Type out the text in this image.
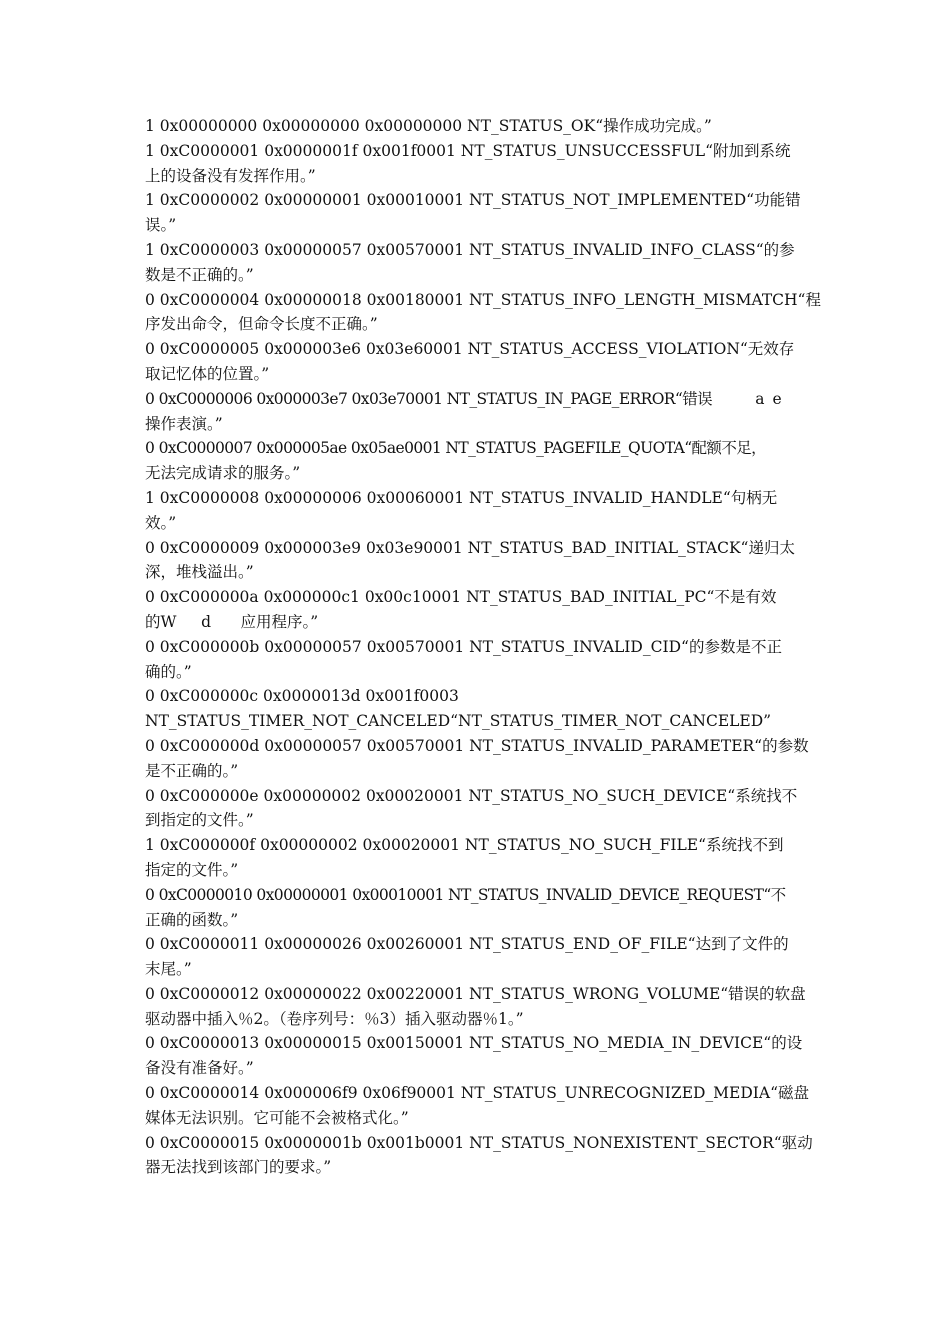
1 0x00000000 0x00000000 0x00000000 NT_STATUS_OK“操作成功完成。”
1 0xC0000001 0x0000001f 0x001f0001 NT_STATUS_UNSUCCESSFUL“附加到系统
上的设备没有发挥作用。”
1 0xC0000002 0x00000001 0x00010001 NT_STATUS_NOT_IMPLEMENTED“功能错
误。”
1 0xC0000003 0x00000057 0x00570001 NT_STATUS_INVALID_INFO_CLASS“的参
数是不正确的。”
0 0xC0000004 0x00000018 0x00180001 NT_STATUS_INFO_LENGTH_MISMATCH“程
序发出命令，但命令长度不正确。”
0 0xC0000005 0x000003e6 0x03e60001 NT_STATUS_ACCESS_VIOLATION“无效存
取记忆体的位置。”
0 0xC0000006 0x000003e7 0x03e70001 NT_STATUS_IN_PAGE_ERROR“错误          a  e
操作表演。”
0 0xC0000007 0x000005ae 0x05ae0001 NT_STATUS_PAGEFILE_QUOTA“配额不足，
无法完成请求的服务。”
1 0xC0000008 0x00000006 0x00060001 NT_STATUS_INVALID_HANDLE“句柄无
效。”
0 0xC0000009 0x000003e9 0x03e90001 NT_STATUS_BAD_INITIAL_STACK“递归太
深，堆栈溢出。”
0 0xC000000a 0x000000c1 0x00c10001 NT_STATUS_BAD_INITIAL_PC“不是有效
的W     d      应用程序。”
0 0xC000000b 0x00000057 0x00570001 NT_STATUS_INVALID_CID“的参数是不正
确的。”
0 0xC000000c 0x0000013d 0x001f0003
NT_STATUS_TIMER_NOT_CANCELED“NT_STATUS_TIMER_NOT_CANCELED”
0 0xC000000d 0x00000057 0x00570001 NT_STATUS_INVALID_PARAMETER“的参数
是不正确的。”
0 0xC000000e 0x00000002 0x00020001 NT_STATUS_NO_SUCH_DEVICE“系统找不
到指定的文件。”
1 0xC000000f 0x00000002 0x00020001 NT_STATUS_NO_SUCH_FILE“系统找不到
指定的文件。”
0 0xC0000010 0x00000001 0x00010001 NT_STATUS_INVALID_DEVICE_REQUEST“不
正确的函数。”
0 0xC0000011 0x00000026 0x00260001 NT_STATUS_END_OF_FILE“达到了文件的
末尾。”
0 0xC0000012 0x00000022 0x00220001 NT_STATUS_WRONG_VOLUME“错误的软盘
驱动器中插入％2。（卷序列号：％3）插入驱动器％1。”
0 0xC0000013 0x00000015 0x00150001 NT_STATUS_NO_MEDIA_IN_DEVICE“的设
备没有准备好。”
0 0xC0000014 0x000006f9 0x06f90001 NT_STATUS_UNRECOGNIZED_MEDIA“磁盘
媒体无法识别。它可能不会被格式化。”
0 0xC0000015 0x0000001b 0x001b0001 NT_STATUS_NONEXISTENT_SECTOR“驱动
器无法找到该部门的要求。”
